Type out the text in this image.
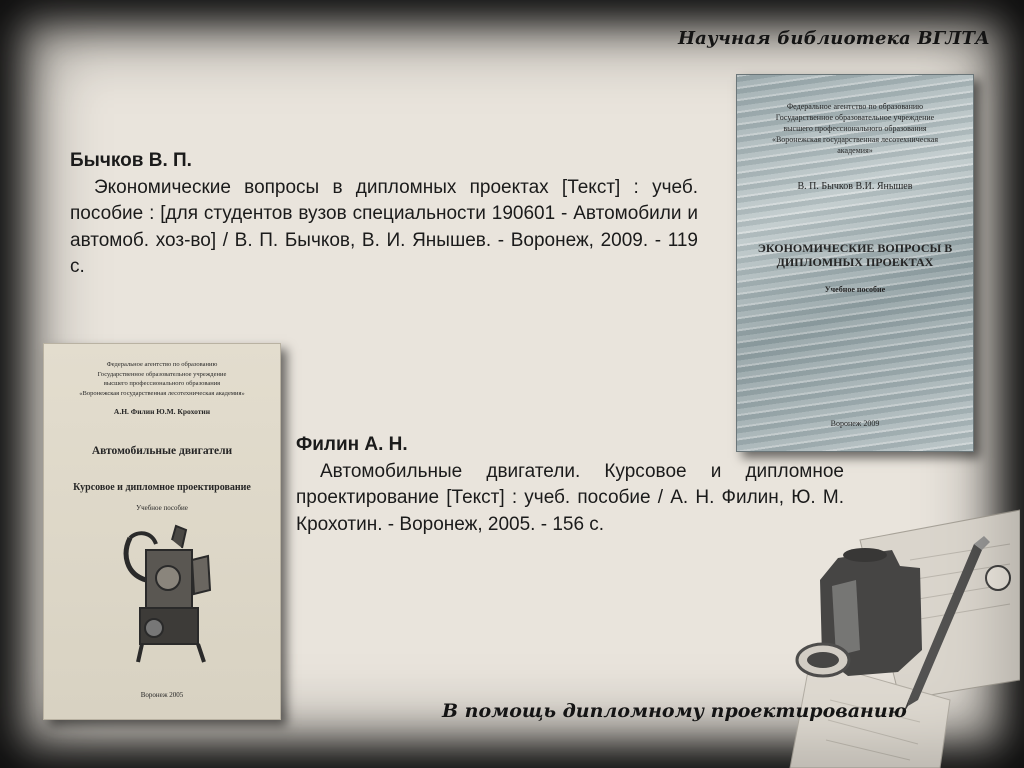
Научная библиотека ВГЛТА
Бычков В. П.
Экономические вопросы в дипломных проектах [Текст] : учеб. пособие : [для студентов вузов специальности 190601 - Автомобили и автомоб. хоз-во] / В. П. Бычков, В. И. Янышев. - Воронеж, 2009. - 119 с.
Федеральное агентство по образованию
Государственное образовательное учреждение
высшего профессионального образования
«Воронежская государственная лесотехническая академия»
В. П. Бычков В.И. Янышев
ЭКОНОМИЧЕСКИЕ ВОПРОСЫ В ДИПЛОМНЫХ ПРОЕКТАХ
Учебное пособие
Воронеж 2009
Федеральное агентство по образованию
Государственное образовательное учреждение
высшего профессионального образования
«Воронежская государственная лесотехническая академия»
А.Н. Филин Ю.М. Крохотин
Автомобильные двигатели
Курсовое и дипломное проектирование
Учебное пособие
Воронеж 2005
Филин А. Н.
Автомобильные двигатели. Курсовое и дипломное проектирование [Текст] : учеб. пособие / А. Н. Филин, Ю. М. Крохотин. - Воронеж, 2005. - 156 с.
В помощь дипломному проектированию
